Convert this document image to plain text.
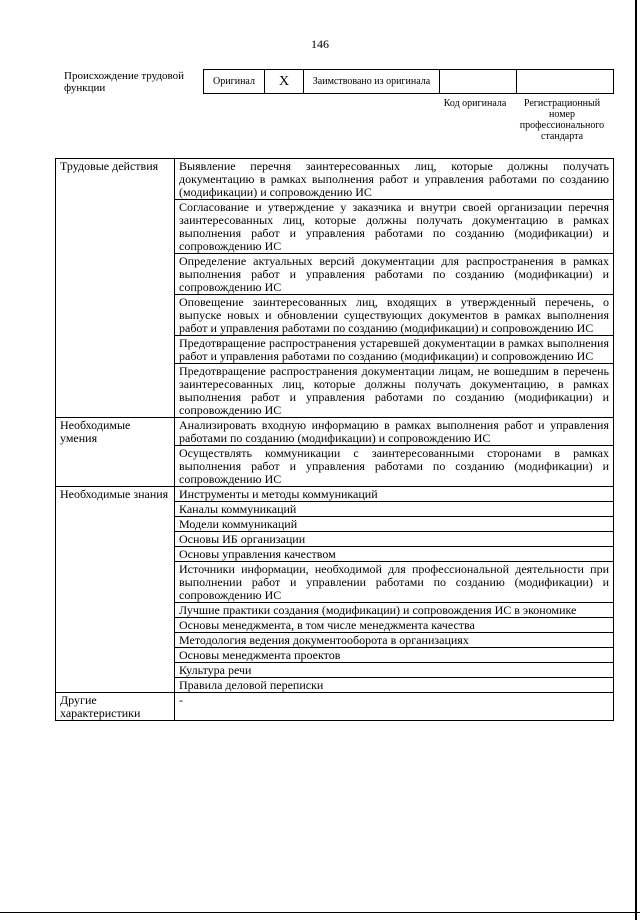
146
Происхождение трудовой функции
Оригинал	X	Заимствовано из оригинала		
Код оригинала	Регистрационный номер профессионального стандарта
Трудовые действия	Выявление перечня заинтересованных лиц, которые должны получать документацию в рамках выполнения работ и управления работами по созданию (модификации) и сопровождению ИС
	Согласование и утверждение у заказчика и внутри своей организации перечня заинтересованных лиц, которые должны получать документацию в рамках выполнения работ и управления работами по созданию (модификации) и сопровождению ИС
	Определение актуальных версий документации для распространения в рамках выполнения работ и управления работами по созданию (модификации) и сопровождению ИС
	Оповещение заинтересованных лиц, входящих в утвержденный перечень, о выпуске новых и обновлении существующих документов в рамках выполнения работ и управления работами по созданию (модификации) и сопровождению ИС
	Предотвращение распространения устаревшей документации в рамках выполнения работ и управления работами по созданию (модификации) и сопровождению ИС
	Предотвращение распространения документации лицам, не вошедшим в перечень заинтересованных лиц, которые должны получать документацию, в рамках выполнения работ и управления работами по созданию (модификации) и сопровождению ИС
Необходимые умения	Анализировать входную информацию в рамках выполнения работ и управления работами по созданию (модификации) и сопровождению ИС
	Осуществлять коммуникации с заинтересованными сторонами в рамках выполнения работ и управления работами по созданию (модификации) и сопровождению ИС
Необходимые знания	Инструменты и методы коммуникаций
	Каналы коммуникаций
	Модели коммуникаций
	Основы ИБ организации
	Основы управления качеством
	Источники информации, необходимой для профессиональной деятельности при выполнении работ и управлении работами по созданию (модификации) и сопровождению ИС
	Лучшие практики создания (модификации) и сопровождения ИС в экономике
	Основы менеджмента, в том числе менеджмента качества
	Методология ведения документооборота в организациях
	Основы менеджмента проектов
	Культура речи
	Правила деловой переписки
Другие характеристики	-
